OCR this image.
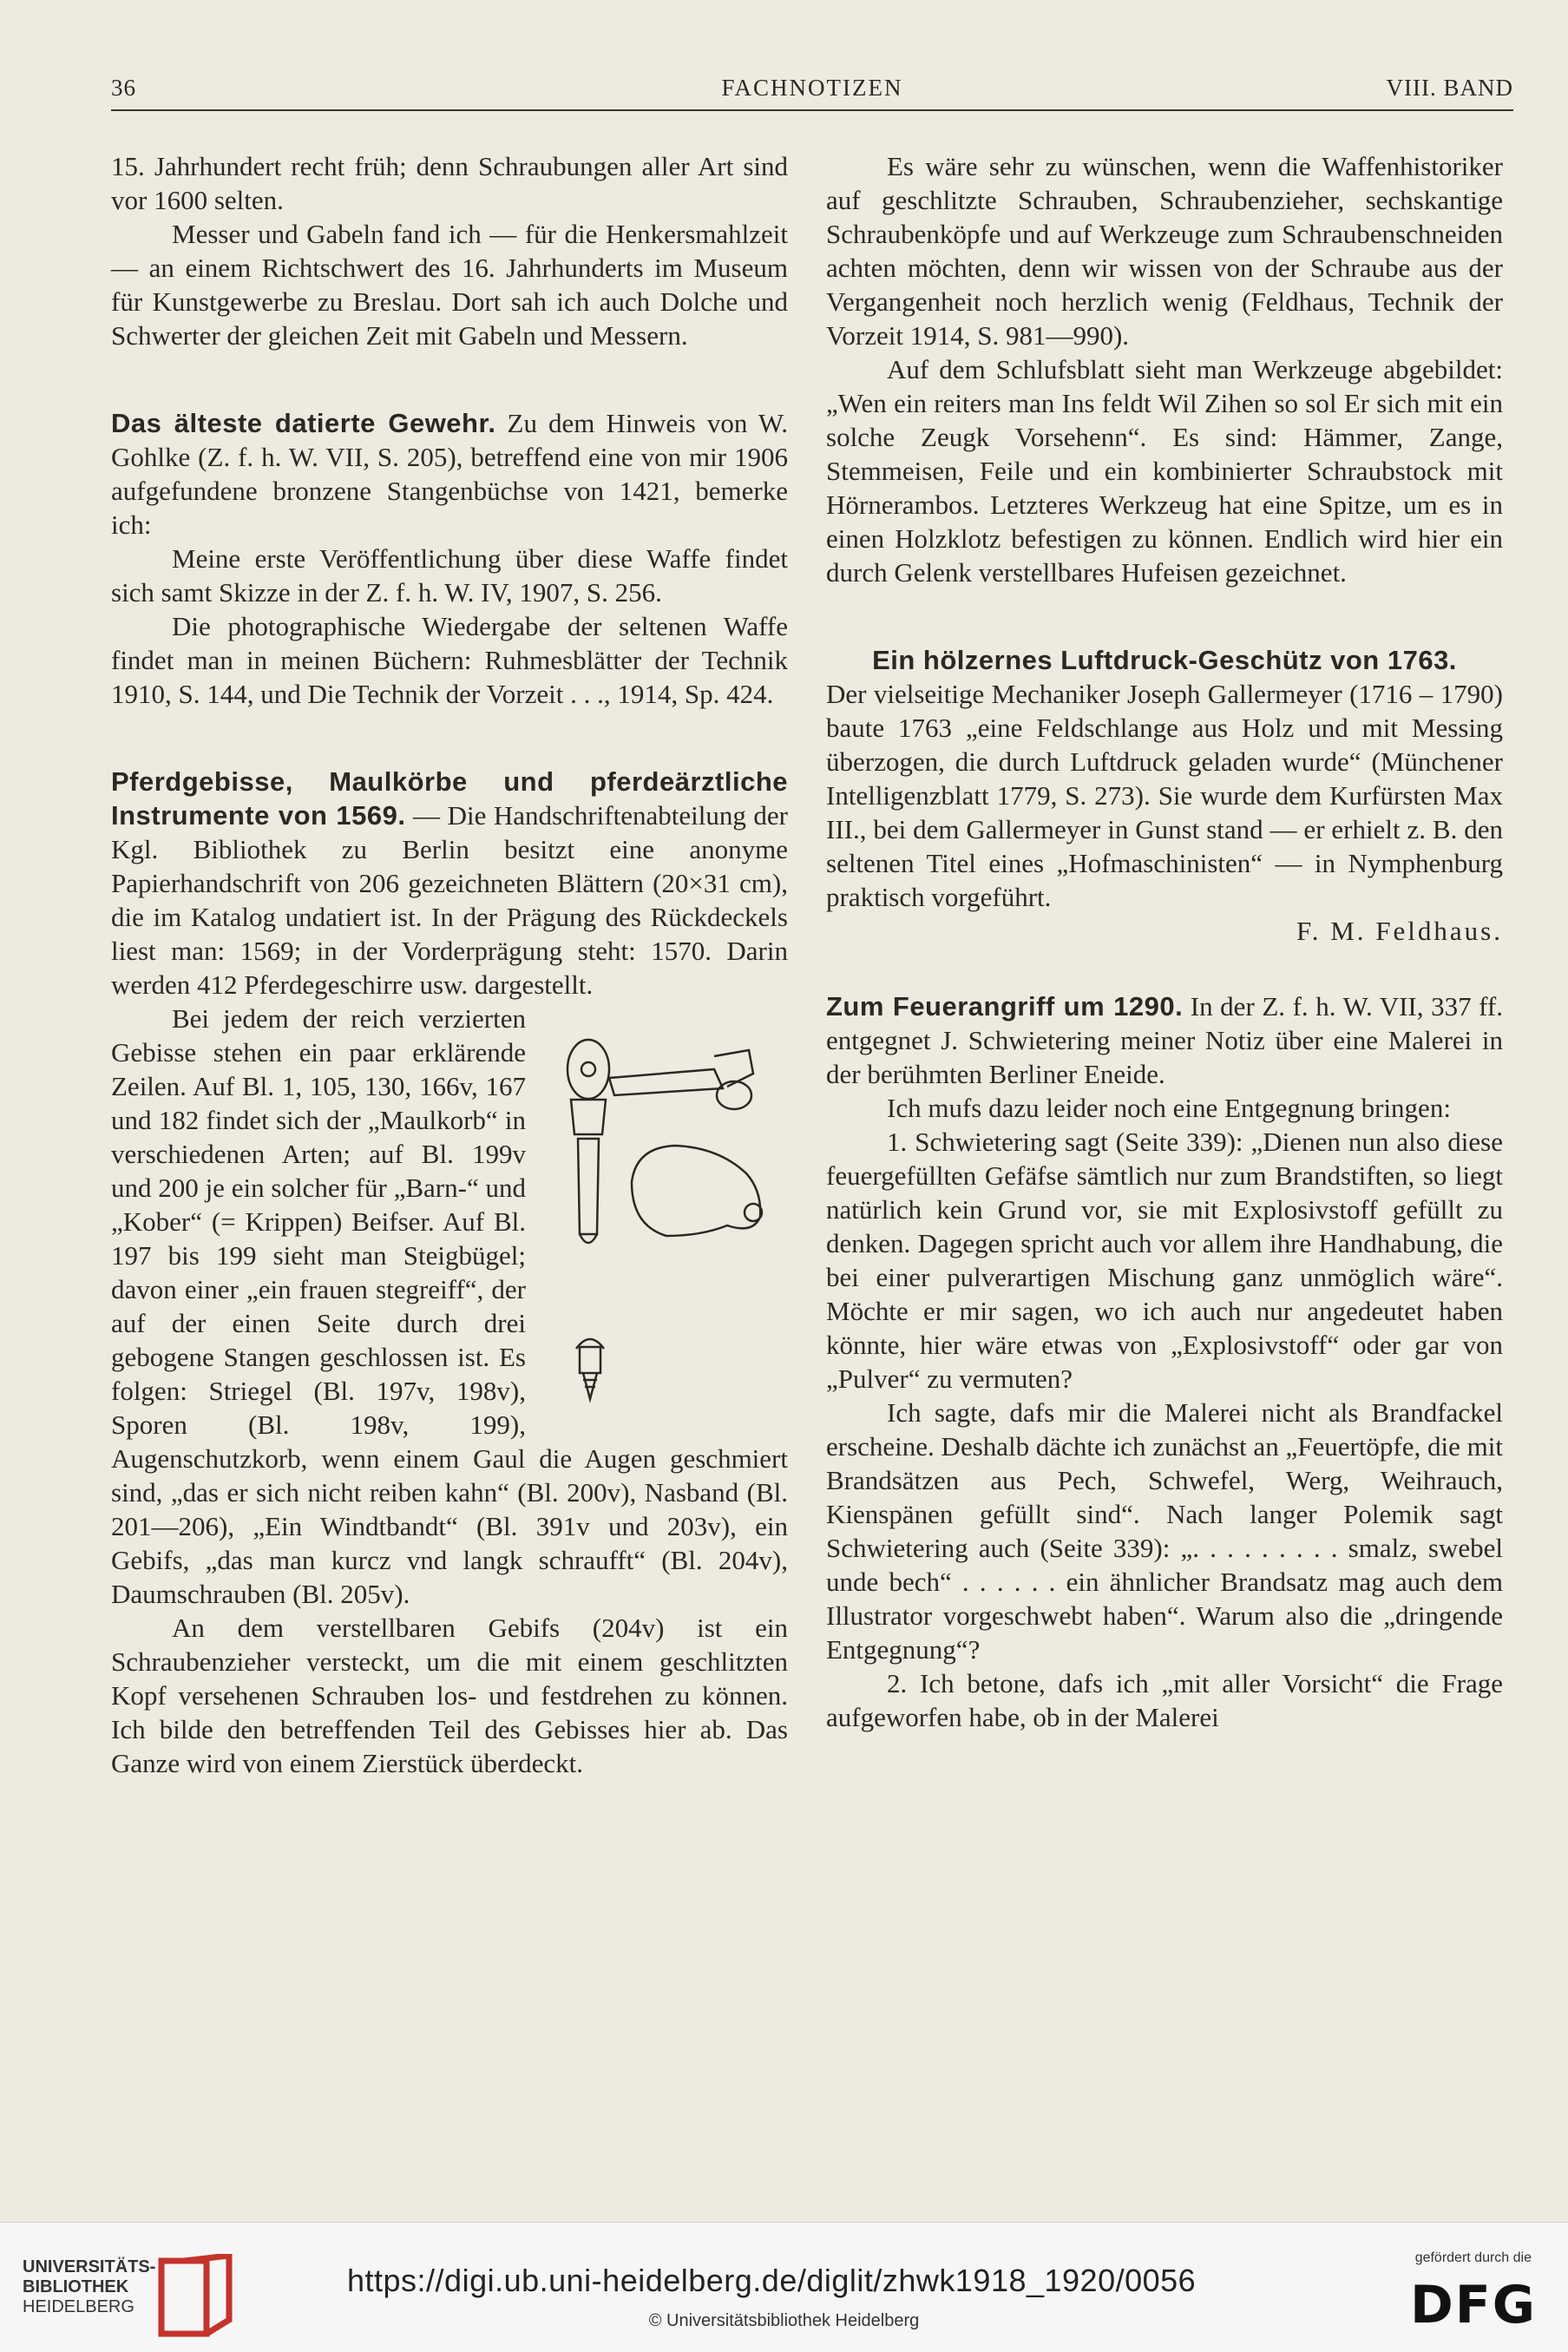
36	FACHNOTIZEN	VIII. BAND

15. Jahrhundert recht früh; denn Schraubungen aller Art sind vor 1600 selten.

Messer und Gabeln fand ich — für die Henkersmahlzeit — an einem Richtschwert des 16. Jahrhunderts im Museum für Kunstgewerbe zu Breslau. Dort sah ich auch Dolche und Schwerter der gleichen Zeit mit Gabeln und Messern.

Das älteste datierte Gewehr. Zu dem Hinweis von W. Gohlke (Z. f. h. W. VII, S. 205), betreffend eine von mir 1906 aufgefundene bronzene Stangenbüchse von 1421, bemerke ich:

Meine erste Veröffentlichung über diese Waffe findet sich samt Skizze in der Z. f. h. W. IV, 1907, S. 256.

Die photographische Wiedergabe der seltenen Waffe findet man in meinen Büchern: Ruhmesblätter der Technik 1910, S. 144, und Die Technik der Vorzeit . . ., 1914, Sp. 424.

Pferdgebisse, Maulkörbe und pferdeärztliche Instrumente von 1569. — Die Handschriftenabteilung der Kgl. Bibliothek zu Berlin besitzt eine anonyme Papierhandschrift von 206 gezeichneten Blättern (20×31 cm), die im Katalog undatiert ist. In der Prägung des Rückdeckels liest man: 1569; in der Vorderprägung steht: 1570. Darin werden 412 Pferdegeschirre usw. dargestellt.

Bei jedem der reich verzierten Gebisse stehen ein paar erklärende Zeilen. Auf Bl. 1, 105, 130, 166v, 167 und 182 findet sich der „Maulkorb“ in verschiedenen Arten; auf Bl. 199v und 200 je ein solcher für „Barn-“ und „Kober“ (= Krippen) Beifser. Auf Bl. 197 bis 199 sieht man Steigbügel; davon einer „ein frauen stegreiff“, der auf der einen Seite durch drei gebogene Stangen geschlossen ist. Es folgen: Striegel (Bl. 197v, 198v), Sporen (Bl. 198v, 199), Augenschutzkorb, wenn einem Gaul die Augen geschmiert sind, „das er sich nicht reiben kahn“ (Bl. 200v), Nasband (Bl. 201—206), „Ein Windtbandt“ (Bl. 391v und 203v), ein Gebifs, „das man kurcz vnd langk schraufft“ (Bl. 204v), Daumschrauben (Bl. 205v).

An dem verstellbaren Gebifs (204v) ist ein Schraubenzieher versteckt, um die mit einem geschlitzten Kopf versehenen Schrauben los- und festdrehen zu können. Ich bilde den betreffenden Teil des Gebisses hier ab. Das Ganze wird von einem Zierstück überdeckt.

Es wäre sehr zu wünschen, wenn die Waffenhistoriker auf geschlitzte Schrauben, Schraubenzieher, sechskantige Schraubenköpfe und auf Werkzeuge zum Schraubenschneiden achten möchten, denn wir wissen von der Schraube aus der Vergangenheit noch herzlich wenig (Feldhaus, Technik der Vorzeit 1914, S. 981—990).

Auf dem Schlufsblatt sieht man Werkzeuge abgebildet: „Wen ein reiters man Ins feldt Wil Zihen so sol Er sich mit ein solche Zeugk Vorsehenn“. Es sind: Hämmer, Zange, Stemmeisen, Feile und ein kombinierter Schraubstock mit Hörnerambos. Letzteres Werkzeug hat eine Spitze, um es in einen Holzklotz befestigen zu können. Endlich wird hier ein durch Gelenk verstellbares Hufeisen gezeichnet.

Ein hölzernes Luftdruck-Geschütz von 1763.

Der vielseitige Mechaniker Joseph Gallermeyer (1716 – 1790) baute 1763 „eine Feldschlange aus Holz und mit Messing überzogen, die durch Luftdruck geladen wurde“ (Münchener Intelligenzblatt 1779, S. 273). Sie wurde dem Kurfürsten Max III., bei dem Gallermeyer in Gunst stand — er erhielt z. B. den seltenen Titel eines „Hofmaschinisten“ — in Nymphenburg praktisch vorgeführt.

F. M. Feldhaus.

Zum Feuerangriff um 1290. In der Z. f. h. W. VII, 337 ff. entgegnet J. Schwietering meiner Notiz über eine Malerei in der berühmten Berliner Eneide.

Ich mufs dazu leider noch eine Entgegnung bringen:

1. Schwietering sagt (Seite 339): „Dienen nun also diese feuergefüllten Gefäfse sämtlich nur zum Brandstiften, so liegt natürlich kein Grund vor, sie mit Explosivstoff gefüllt zu denken. Dagegen spricht auch vor allem ihre Handhabung, die bei einer pulverartigen Mischung ganz unmöglich wäre“. Möchte er mir sagen, wo ich auch nur angedeutet haben könnte, hier wäre etwas von „Explosivstoff“ oder gar von „Pulver“ zu vermuten?

Ich sagte, dafs mir die Malerei nicht als Brandfackel erscheine. Deshalb dächte ich zunächst an „Feuertöpfe, die mit Brandsätzen aus Pech, Schwefel, Werg, Weihrauch, Kienspänen gefüllt sind“. Nach langer Polemik sagt Schwietering auch (Seite 339): „. . . . . . . . . smalz, swebel unde bech“ . . . . . . ein ähnlicher Brandsatz mag auch dem Illustrator vorgeschwebt haben“. Warum also die „dringende Entgegnung“?

2. Ich betone, dafs ich „mit aller Vorsicht“ die Frage aufgeworfen habe, ob in der Malerei

UNIVERSITÄTS-
BIBLIOTHEK
HEIDELBERG
https://digi.ub.uni-heidelberg.de/diglit/zhwk1918_1920/0056
© Universitätsbibliothek Heidelberg
gefördert durch die
DFG
